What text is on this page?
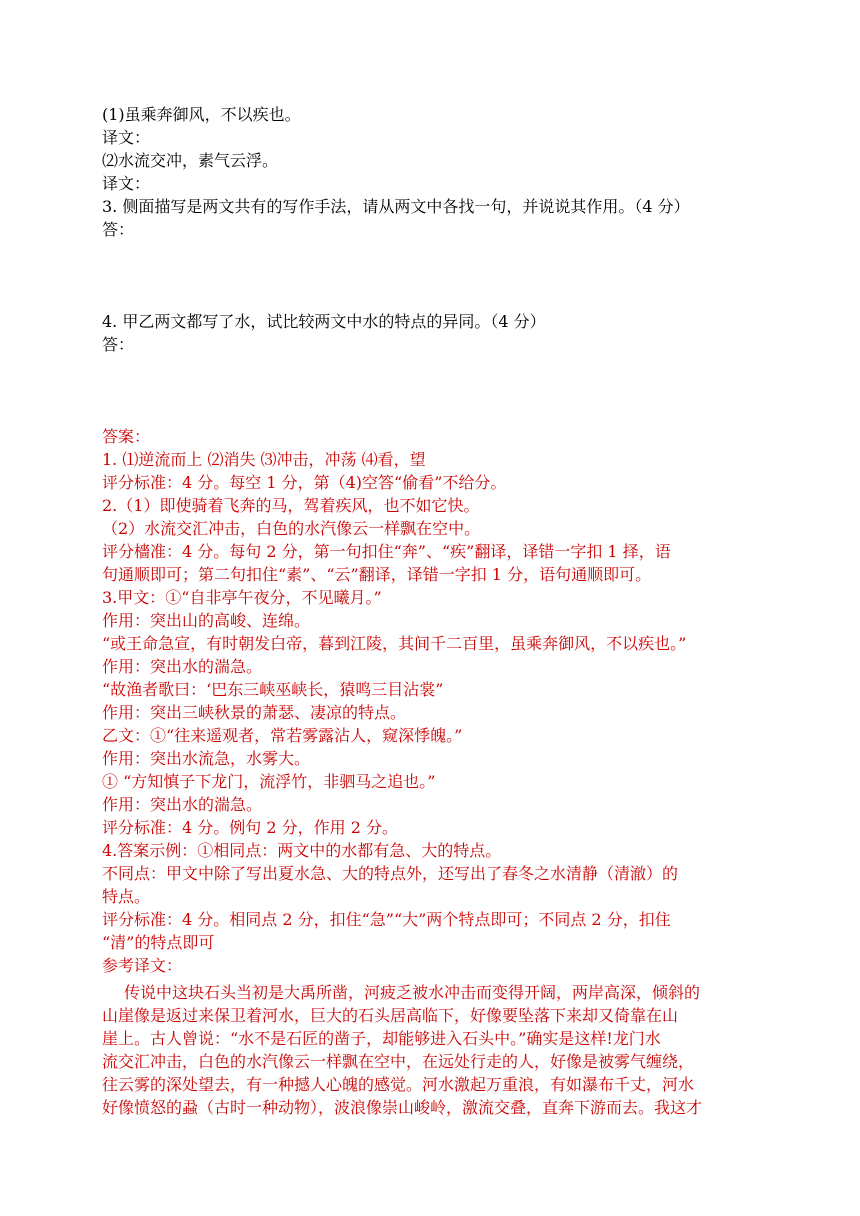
(1)虽乘奔御风，不以疾也。
译文：
⑵水流交冲，素气云浮。
译文：
3. 侧面描写是两文共有的写作手法，请从两文中各找一句，并说说其作用。（4 分）
答：
4. 甲乙两文都写了水，试比较两文中水的特点的异同。（4 分）
答：
答案：
1. ⑴逆流而上 ⑵消失 ⑶冲击，冲荡 ⑷看，望
评分标准：4 分。每空 1 分，第（4)空答“偷看”不给分。
2.（1）即使骑着飞奔的马，驾着疾风，也不如它快。
（2）水流交汇冲击，白色的水汽像云一样飘在空中。
评分檣准：4 分。每句 2 分，第一句扣住“奔”、“疾”翻译，译错一字扣 1 择，语
句通顺即可；第二句扣住“素”、“云”翻译，译错一字扣 1 分，语句通顺即可。
3.甲文：①“自非亭午夜分，不见曦月。”
作用：突出山的高峻、连绵。
“或王命急宣，有时朝发白帝，暮到江陵，其间千二百里，虽乘奔御风，不以疾也。”
作用：突出水的湍急。
“故渔者歌曰：‘巴东三峡巫峡长，猿鸣三目沾裳”
作用：突出三峡秋景的萧瑟、凄凉的特点。
乙文：①“往来遥观者，常若雾露沾人，窥深悸魄。”
作用：突出水流急，水雾大。
① “方知慎子下龙门，流浮竹，非驷马之追也。”
作用：突出水的湍急。
评分标准：4 分。例句 2 分，作用 2 分。
4.答案示例：①相同点：两文中的水都有急、大的特点。
不同点：甲文中除了写出夏水急、大的特点外，还写出了春冬之水清静（清澈）的
特点。
评分标准：4 分。相同点 2 分，扣住“急”“大”两个特点即可；不同点 2 分，扣住
“清”的特点即可
参考译文：
传说中这块石头当初是大禹所凿，河疲乏被水冲击而变得开阔，两岸高深，倾斜的
山崖像是返过来保卫着河水，巨大的石头居高临下，好像要坠落下来却又倚靠在山
崖上。古人曾说：“水不是石匠的凿子，却能够进入石头中。”确实是这样!龙门水
流交汇冲击，白色的水汽像云一样飘在空中，在远处行走的人，好像是被雾气缠绕，
往云雾的深处望去，有一种撼人心魄的感觉。河水激起万重浪，有如瀑布千丈，河水
好像愤怒的蝨（古时一种动物），波浪像崇山峻岭，激流交叠，直奔下游而去。我这才
